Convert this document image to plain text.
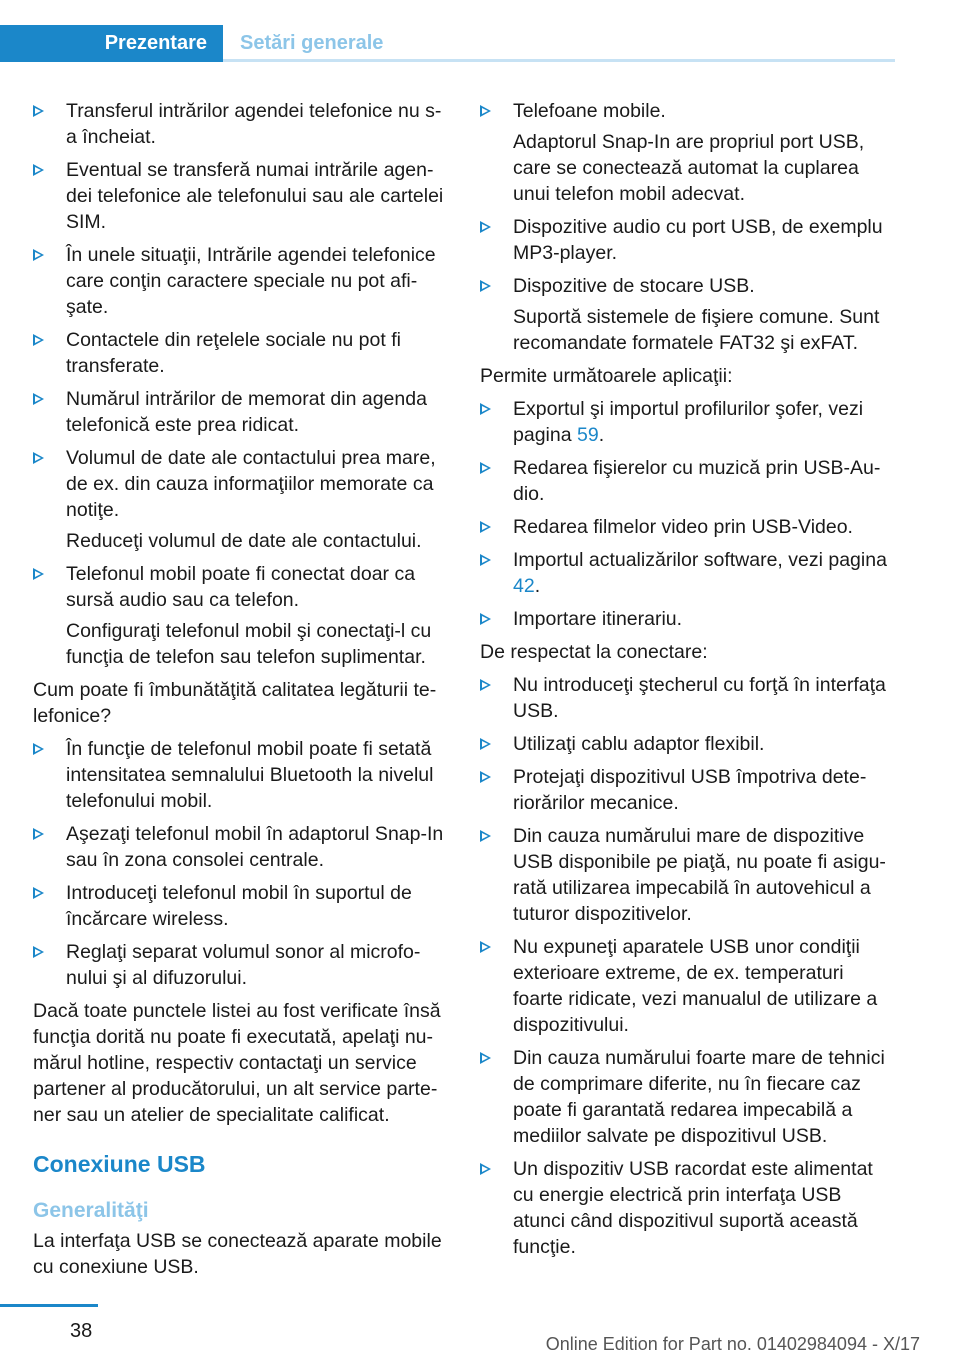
Prezentare	Setări generale
Transferul intrărilor agendei telefonice nu s-a încheiat.
Eventual se transferă numai intrările agendei telefonice ale telefonului sau ale cartelei SIM.
În unele situaţii, Intrările agendei telefonice care conţin caractere speciale nu pot afişate.
Contactele din reţelele sociale nu pot fi transferate.
Numărul intrărilor de memorat din agenda telefonică este prea ridicat.
Volumul de date ale contactului prea mare, de ex. din cauza informaţiilor memorate ca notiţe.
Reduceţi volumul de date ale contactului.
Telefonul mobil poate fi conectat doar ca sursă audio sau ca telefon.
Configuraţi telefonul mobil şi conectaţi-l cu funcţia de telefon sau telefon suplimentar.
Cum poate fi îmbunătăţită calitatea legăturii telefonice?
În funcţie de telefonul mobil poate fi setată intensitatea semnalului Bluetooth la nivelul telefonului mobil.
Aşezaţi telefonul mobil în adaptorul Snap-In sau în zona consolei centrale.
Introduceţi telefonul mobil în suportul de încărcare wireless.
Reglaţi separat volumul sonor al microfonului şi al difuzorului.
Dacă toate punctele listei au fost verificate însă funcţia dorită nu poate fi executată, apelaţi numărul hotline, respectiv contactaţi un service partener al producătorului, un alt service partener sau un atelier de specialitate calificat.
Conexiune USB
Generalităţi
La interfaţa USB se conectează aparate mobile cu conexiune USB.
Telefoane mobile.
Adaptorul Snap-In are propriul port USB, care se conectează automat la cuplarea unui telefon mobil adecvat.
Dispozitive audio cu port USB, de exemplu MP3-player.
Dispozitive de stocare USB.
Suportă sistemele de fişiere comune. Sunt recomandate formatele FAT32 şi exFAT.
Permite următoarele aplicaţii:
Exportul şi importul profilurilor şofer, vezi pagina 59.
Redarea fişierelor cu muzică prin USB-Audio.
Redarea filmelor video prin USB-Video.
Importul actualizărilor software, vezi pagina 42.
Importare itinerariu.
De respectat la conectare:
Nu introduceţi ştecherul cu forţă în interfaţa USB.
Utilizaţi cablu adaptor flexibil.
Protejaţi dispozitivul USB împotriva deteriorărilor mecanice.
Din cauza numărului mare de dispozitive USB disponibile pe piaţă, nu poate fi asigurată utilizarea impecabilă în autovehicul a tuturor dispozitivelor.
Nu expuneţi aparatele USB unor condiţii exterioare extreme, de ex. temperaturi foarte ridicate, vezi manualul de utilizare a dispozitivului.
Din cauza numărului foarte mare de tehnici de comprimare diferite, nu în fiecare caz poate fi garantată redarea impecabilă a mediilor salvate pe dispozitivul USB.
Un dispozitiv USB racordat este alimentat cu energie electrică prin interfaţa USB atunci când dispozitivul suportă această funcţie.
38
Online Edition for Part no. 01402984094 - X/17
